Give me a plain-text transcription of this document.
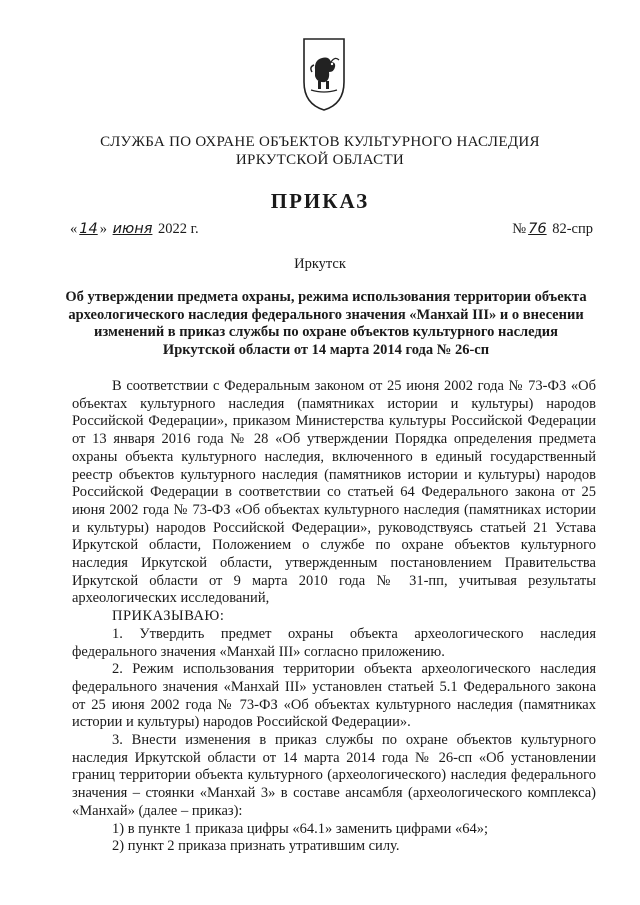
СЛУЖБА ПО ОХРАНЕ ОБЪЕКТОВ КУЛЬТУРНОГО НАСЛЕДИЯ
ИРКУТСКОЙ ОБЛАСТИ
ПРИКАЗ
« 14 » июня 2022 г.	№ 76 82-спр
Иркутск
Об утверждении предмета охраны, режима использования территории объекта археологического наследия федерального значения «Манхай III» и о внесении изменений в приказ службы по охране объектов культурного наследия Иркутской области от 14 марта 2014 года № 26-сп

В соответствии с Федеральным законом от 25 июня 2002 года № 73-ФЗ «Об объектах культурного наследия (памятниках истории и культуры) народов Российской Федерации», приказом Министерства культуры Российской Федерации от 13 января 2016 года № 28 «Об утверждении Порядка определения предмета охраны объекта культурного наследия, включенного в единый государственный реестр объектов культурного наследия (памятников истории и культуры) народов Российской Федерации в соответствии со статьей 64 Федерального закона от 25 июня 2002 года № 73-ФЗ «Об объектах культурного наследия (памятниках истории и культуры) народов Российской Федерации», руководствуясь статьей 21 Устава Иркутской области, Положением о службе по охране объектов культурного наследия Иркутской области, утвержденным постановлением Правительства Иркутской области от 9 марта 2010 года № 31-пп, учитывая результаты археологических исследований,

ПРИКАЗЫВАЮ:

1. Утвердить предмет охраны объекта археологического наследия федерального значения «Манхай III» согласно приложению.

2. Режим использования территории объекта археологического наследия федерального значения «Манхай III» установлен статьей 5.1 Федерального закона от 25 июня 2002 года № 73-ФЗ «Об объектах культурного наследия (памятниках истории и культуры) народов Российской Федерации».

3. Внести изменения в приказ службы по охране объектов культурного наследия Иркутской области от 14 марта 2014 года № 26-сп «Об установлении границ территории объекта культурного (археологического) наследия федерального значения – стоянки «Манхай 3» в составе ансамбля (археологического комплекса) «Манхай» (далее – приказ):

1) в пункте 1 приказа цифры «64.1» заменить цифрами «64»;

2) пункт 2 приказа признать утратившим силу.
